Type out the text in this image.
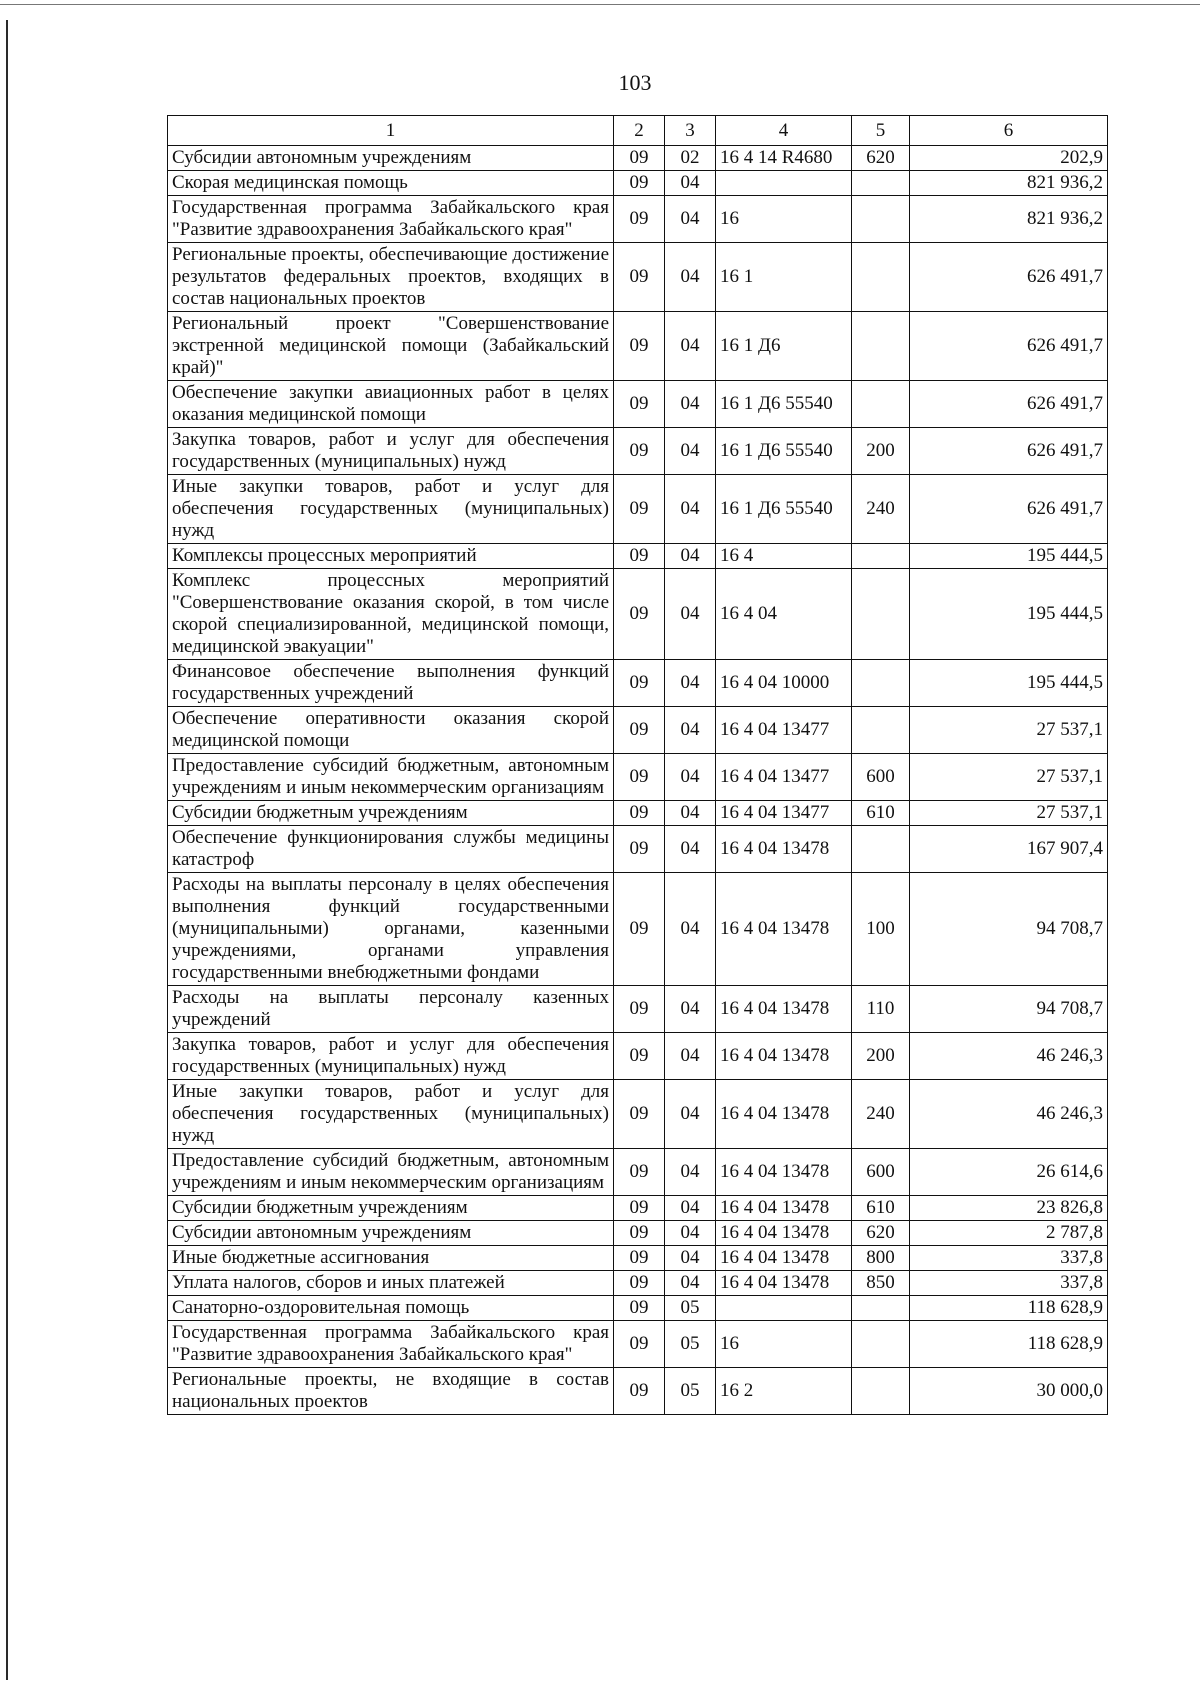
103
1	2	3	4	5	6
Субсидии автономным учреждениям	09	02	16 4 14 R4680	620	202,9
Скорая медицинская помощь	09	04			821 936,2
Государственная программа Забайкальского края "Развитие здравоохранения Забайкальского края"	09	04	16		821 936,2
Региональные проекты, обеспечивающие достижение результатов федеральных проектов, входящих в состав национальных проектов	09	04	16 1		626 491,7
Региональный проект "Совершенствование экстренной медицинской помощи (Забайкальский край)"	09	04	16 1 Д6		626 491,7
Обеспечение закупки авиационных работ в целях оказания медицинской помощи	09	04	16 1 Д6 55540		626 491,7
Закупка товаров, работ и услуг для обеспечения государственных (муниципальных) нужд	09	04	16 1 Д6 55540	200	626 491,7
Иные закупки товаров, работ и услуг для обеспечения государственных (муниципальных) нужд	09	04	16 1 Д6 55540	240	626 491,7
Комплексы процессных мероприятий	09	04	16 4		195 444,5
Комплекс процессных мероприятий "Совершенствование оказания скорой, в том числе скорой специализированной, медицинской помощи, медицинской эвакуации"	09	04	16 4 04		195 444,5
Финансовое обеспечение выполнения функций государственных учреждений	09	04	16 4 04 10000		195 444,5
Обеспечение оперативности оказания скорой медицинской помощи	09	04	16 4 04 13477		27 537,1
Предоставление субсидий бюджетным, автономным учреждениям и иным некоммерческим организациям	09	04	16 4 04 13477	600	27 537,1
Субсидии бюджетным учреждениям	09	04	16 4 04 13477	610	27 537,1
Обеспечение функционирования службы медицины катастроф	09	04	16 4 04 13478		167 907,4
Расходы на выплаты персоналу в целях обеспечения выполнения функций государственными (муниципальными) органами, казенными учреждениями, органами управления государственными внебюджетными фондами	09	04	16 4 04 13478	100	94 708,7
Расходы на выплаты персоналу казенных учреждений	09	04	16 4 04 13478	110	94 708,7
Закупка товаров, работ и услуг для обеспечения государственных (муниципальных) нужд	09	04	16 4 04 13478	200	46 246,3
Иные закупки товаров, работ и услуг для обеспечения государственных (муниципальных) нужд	09	04	16 4 04 13478	240	46 246,3
Предоставление субсидий бюджетным, автономным учреждениям и иным некоммерческим организациям	09	04	16 4 04 13478	600	26 614,6
Субсидии бюджетным учреждениям	09	04	16 4 04 13478	610	23 826,8
Субсидии автономным учреждениям	09	04	16 4 04 13478	620	2 787,8
Иные бюджетные ассигнования	09	04	16 4 04 13478	800	337,8
Уплата налогов, сборов и иных платежей	09	04	16 4 04 13478	850	337,8
Санаторно-оздоровительная помощь	09	05			118 628,9
Государственная программа Забайкальского края "Развитие здравоохранения Забайкальского края"	09	05	16		118 628,9
Региональные проекты, не входящие в состав национальных проектов	09	05	16 2		30 000,0
